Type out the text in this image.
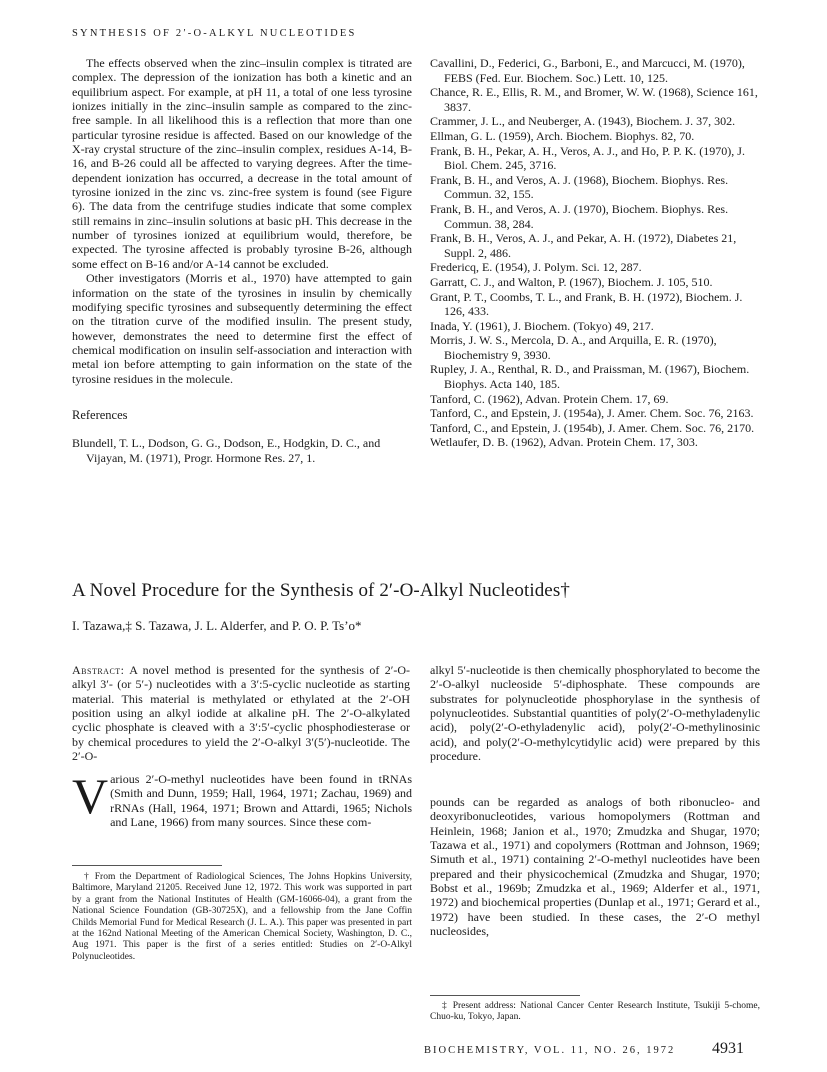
SYNTHESIS OF 2′-O-ALKYL NUCLEOTIDES

The effects observed when the zinc–insulin complex is titrated are complex. The depression of the ionization has both a kinetic and an equilibrium aspect. For example, at pH 11, a total of one less tyrosine ionizes initially in the zinc–insulin sample as compared to the zinc-free sample. In all likelihood this is a reflection that more than one particular tyrosine residue is affected. Based on our knowledge of the X-ray crystal structure of the zinc–insulin complex, residues A-14, B-16, and B-26 could all be affected to varying degrees. After the time-dependent ionization has occurred, a decrease in the total amount of tyrosine ionized in the zinc vs. zinc-free system is found (see Figure 6). The data from the centrifuge studies indicate that some complex still remains in zinc–insulin solutions at basic pH. This decrease in the number of tyrosines ionized at equilibrium would, therefore, be expected. The tyrosine affected is probably tyrosine B-26, although some effect on B-16 and/or A-14 cannot be excluded.

Other investigators (Morris et al., 1970) have attempted to gain information on the state of the tyrosines in insulin by chemically modifying specific tyrosines and subsequently determining the effect on the titration curve of the modified insulin. The present study, however, demonstrates the need to determine first the effect of chemical modification on insulin self-association and interaction with metal ion before attempting to gain information on the state of the tyrosine residues in the molecule.

References
Blundell, T. L., Dodson, G. G., Dodson, E., Hodgkin, D. C., and Vijayan, M. (1971), Progr. Hormone Res. 27, 1.
Cavallini, D., Federici, G., Barboni, E., and Marcucci, M. (1970), FEBS (Fed. Eur. Biochem. Soc.) Lett. 10, 125.
Chance, R. E., Ellis, R. M., and Bromer, W. W. (1968), Science 161, 3837.
Crammer, J. L., and Neuberger, A. (1943), Biochem. J. 37, 302.
Ellman, G. L. (1959), Arch. Biochem. Biophys. 82, 70.
Frank, B. H., Pekar, A. H., Veros, A. J., and Ho, P. P. K. (1970), J. Biol. Chem. 245, 3716.
Frank, B. H., and Veros, A. J. (1968), Biochem. Biophys. Res. Commun. 32, 155.
Frank, B. H., and Veros, A. J. (1970), Biochem. Biophys. Res. Commun. 38, 284.
Frank, B. H., Veros, A. J., and Pekar, A. H. (1972), Diabetes 21, Suppl. 2, 486.
Fredericq, E. (1954), J. Polym. Sci. 12, 287.
Garratt, C. J., and Walton, P. (1967), Biochem. J. 105, 510.
Grant, P. T., Coombs, T. L., and Frank, B. H. (1972), Biochem. J. 126, 433.
Inada, Y. (1961), J. Biochem. (Tokyo) 49, 217.
Morris, J. W. S., Mercola, D. A., and Arquilla, E. R. (1970), Biochemistry 9, 3930.
Rupley, J. A., Renthal, R. D., and Praissman, M. (1967), Biochem. Biophys. Acta 140, 185.
Tanford, C. (1962), Advan. Protein Chem. 17, 69.
Tanford, C., and Epstein, J. (1954a), J. Amer. Chem. Soc. 76, 2163.
Tanford, C., and Epstein, J. (1954b), J. Amer. Chem. Soc. 76, 2170.
Wetlaufer, D. B. (1962), Advan. Protein Chem. 17, 303.
A Novel Procedure for the Synthesis of 2′-O-Alkyl Nucleotides†
I. Tazawa,‡ S. Tazawa, J. L. Alderfer, and P. O. P. Ts’o*

Abstract: A novel method is presented for the synthesis of 2′-O-alkyl 3′- (or 5′-) nucleotides with a 3′:5-cyclic nucleotide as starting material. This material is methylated or ethylated at the 2′-OH position using an alkyl iodide at alkaline pH. The 2′-O-alkylated cyclic phosphate is cleaved with a 3′:5′-cyclic phosphodiesterase or by chemical procedures to yield the 2′-O-alkyl 3′(5′)-nucleotide. The 2′-O-

alkyl 5′-nucleotide is then chemically phosphorylated to become the 2′-O-alkyl nucleoside 5′-diphosphate. These compounds are substrates for polynucleotide phosphorylase in the synthesis of polynucleotides. Substantial quantities of poly(2′-O-methyladenylic acid), poly(2′-O-ethyladenylic acid), poly(2′-O-methylinosinic acid), and poly(2′-O-methylcytidylic acid) were prepared by this procedure.

Various 2′-O-methyl nucleotides have been found in tRNAs (Smith and Dunn, 1959; Hall, 1964, 1971; Zachau, 1969) and rRNAs (Hall, 1964, 1971; Brown and Attardi, 1965; Nichols and Lane, 1966) from many sources. Since these com-

pounds can be regarded as analogs of both ribonucleo- and deoxyribonucleotides, various homopolymers (Rottman and Heinlein, 1968; Janion et al., 1970; Zmudzka and Shugar, 1970; Tazawa et al., 1971) and copolymers (Rottman and Johnson, 1969; Simuth et al., 1971) containing 2′-O-methyl nucleotides have been prepared and their physicochemical (Zmudzka and Shugar, 1970; Bobst et al., 1969b; Zmudzka et al., 1969; Alderfer et al., 1971, 1972) and biochemical properties (Dunlap et al., 1971; Gerard et al., 1972) have been studied. In these cases, the 2′-O methyl nucleosides,

† From the Department of Radiological Sciences, The Johns Hopkins University, Baltimore, Maryland 21205. Received June 12, 1972. This work was supported in part by a grant from the National Institutes of Health (GM-16066-04), a grant from the National Science Foundation (GB-30725X), and a fellowship from the Jane Coffin Childs Memorial Fund for Medical Research (J. L. A.). This paper was presented in part at the 162nd National Meeting of the American Chemical Society, Washington, D. C., Aug 1971. This paper is the first of a series entitled: Studies on 2′-O-Alkyl Polynucleotides.

‡ Present address: National Cancer Center Research Institute, Tsukiji 5-chome, Chuo-ku, Tokyo, Japan.

BIOCHEMISTRY, VOL. 11, NO. 26, 1972 4931
